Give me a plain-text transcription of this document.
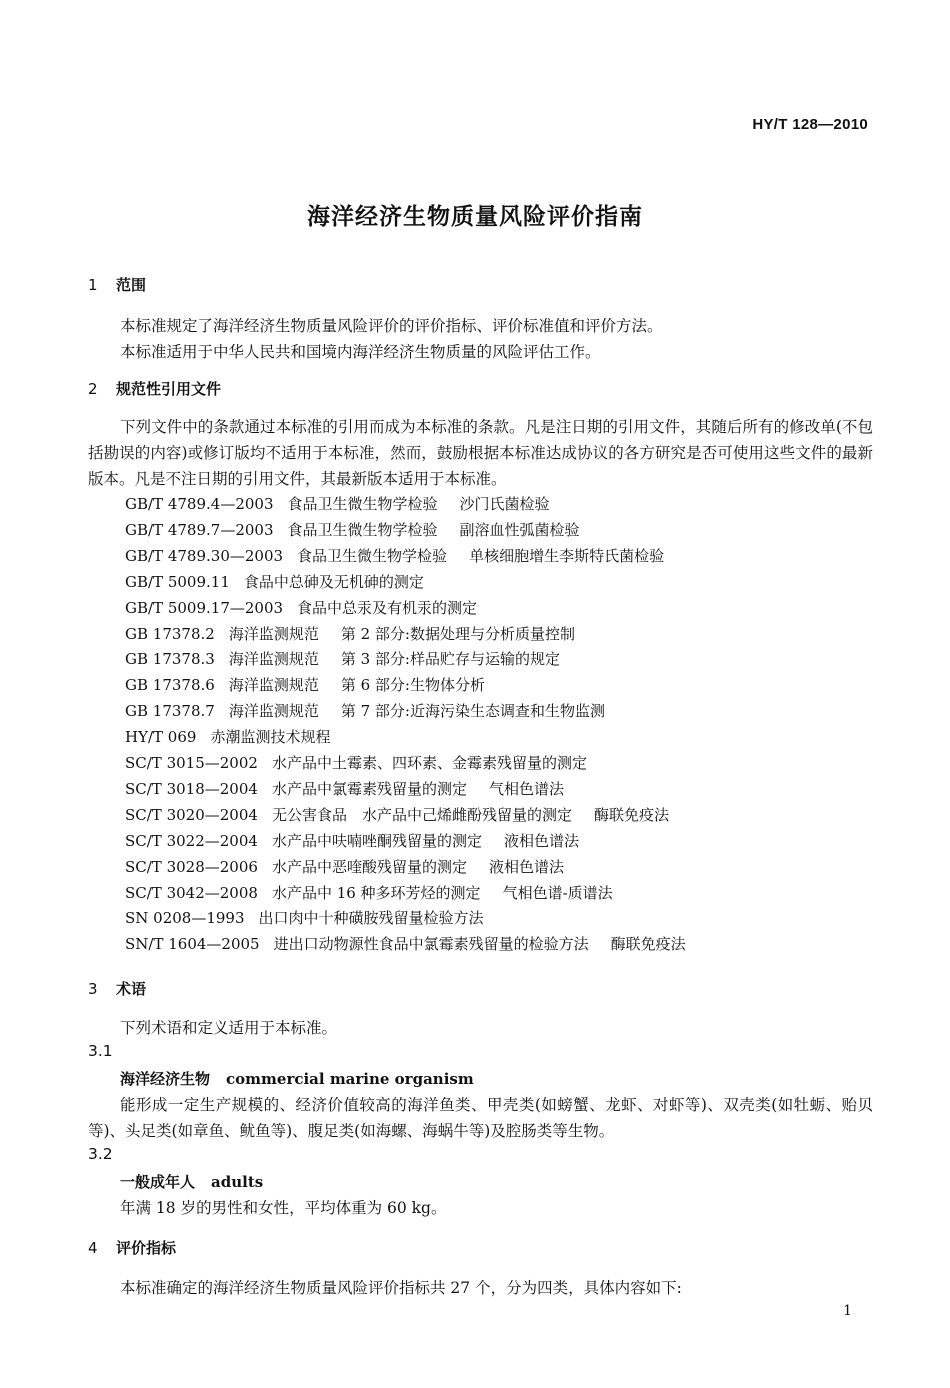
HY/T 128—2010
海洋经济生物质量风险评价指南
1 范围
本标准规定了海洋经济生物质量风险评价的评价指标、评价标准值和评价方法。
本标准适用于中华人民共和国境内海洋经济生物质量的风险评估工作。
2 规范性引用文件
下列文件中的条款通过本标准的引用而成为本标准的条款。凡是注日期的引用文件，其随后所有的修改单(不包括勘误的内容)或修订版均不适用于本标准，然而，鼓励根据本标准达成协议的各方研究是否可使用这些文件的最新版本。凡是不注日期的引用文件，其最新版本适用于本标准。
GB/T 4789.4—2003 食品卫生微生物学检验 沙门氏菌检验
GB/T 4789.7—2003 食品卫生微生物学检验 副溶血性弧菌检验
GB/T 4789.30—2003 食品卫生微生物学检验 单核细胞增生李斯特氏菌检验
GB/T 5009.11 食品中总砷及无机砷的测定
GB/T 5009.17—2003 食品中总汞及有机汞的测定
GB 17378.2 海洋监测规范 第 2 部分:数据处理与分析质量控制
GB 17378.3 海洋监测规范 第 3 部分:样品贮存与运输的规定
GB 17378.6 海洋监测规范 第 6 部分:生物体分析
GB 17378.7 海洋监测规范 第 7 部分:近海污染生态调查和生物监测
HY/T 069 赤潮监测技术规程
SC/T 3015—2002 水产品中土霉素、四环素、金霉素残留量的测定
SC/T 3018—2004 水产品中氯霉素残留量的测定 气相色谱法
SC/T 3020—2004 无公害食品　水产品中己烯雌酚残留量的测定 酶联免疫法
SC/T 3022—2004 水产品中呋喃唑酮残留量的测定 液相色谱法
SC/T 3028—2006 水产品中恶喹酸残留量的测定 液相色谱法
SC/T 3042—2008 水产品中 16 种多环芳烃的测定 气相色谱-质谱法
SN 0208—1993 出口肉中十种磺胺残留量检验方法
SN/T 1604—2005 进出口动物源性食品中氯霉素残留量的检验方法 酶联免疫法
3 术语
下列术语和定义适用于本标准。
3.1
海洋经济生物 commercial marine organism
能形成一定生产规模的、经济价值较高的海洋鱼类、甲壳类(如螃蟹、龙虾、对虾等)、双壳类(如牡蛎、贻贝等)、头足类(如章鱼、鱿鱼等)、腹足类(如海螺、海蜗牛等)及腔肠类等生物。
3.2
一般成年人 adults
年满 18 岁的男性和女性，平均体重为 60 kg。
4 评价指标
本标准确定的海洋经济生物质量风险评价指标共 27 个，分为四类，具体内容如下:
1
